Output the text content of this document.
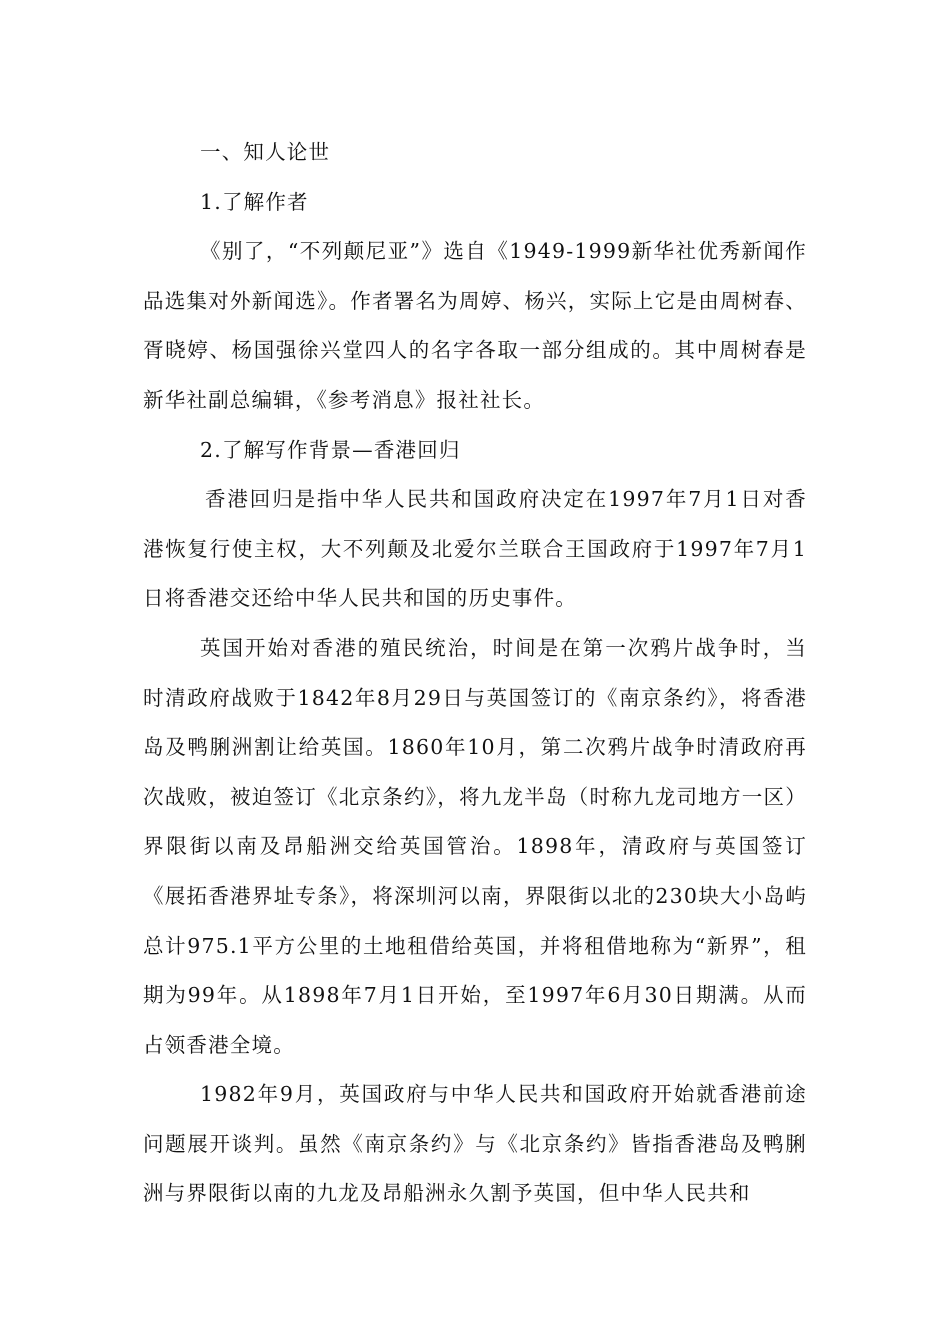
一、知人论世

1.了解作者

《别了，“不列颠尼亚”》选自《1949-1999新华社优秀新闻作品选集对外新闻选》。作者署名为周婷、杨兴，实际上它是由周树春、胥晓婷、杨国强徐兴堂四人的名字各取一部分组成的。其中周树春是新华社副总编辑，《参考消息》报社社长。

2.了解写作背景—香港回归

香港回归是指中华人民共和国政府决定在1997年7月1日对香港恢复行使主权，大不列颠及北爱尔兰联合王国政府于1997年7月1日将香港交还给中华人民共和国的历史事件。

英国开始对香港的殖民统治，时间是在第一次鸦片战争时，当时清政府战败于1842年8月29日与英国签订的《南京条约》，将香港岛及鸭脷洲割让给英国。1860年10月，第二次鸦片战争时清政府再次战败，被迫签订《北京条约》，将九龙半岛（时称九龙司地方一区）界限街以南及昂船洲交给英国管治。1898年，清政府与英国签订《展拓香港界址专条》，将深圳河以南，界限街以北的230块大小岛屿总计975.1平方公里的土地租借给英国，并将租借地称为“新界”，租期为99年。从1898年7月1日开始，至1997年6月30日期满。从而占领香港全境。

1982年9月，英国政府与中华人民共和国政府开始就香港前途问题展开谈判。虽然《南京条约》与《北京条约》皆指香港岛及鸭脷洲与界限街以南的九龙及昂船洲永久割予英国，但中华人民共和
